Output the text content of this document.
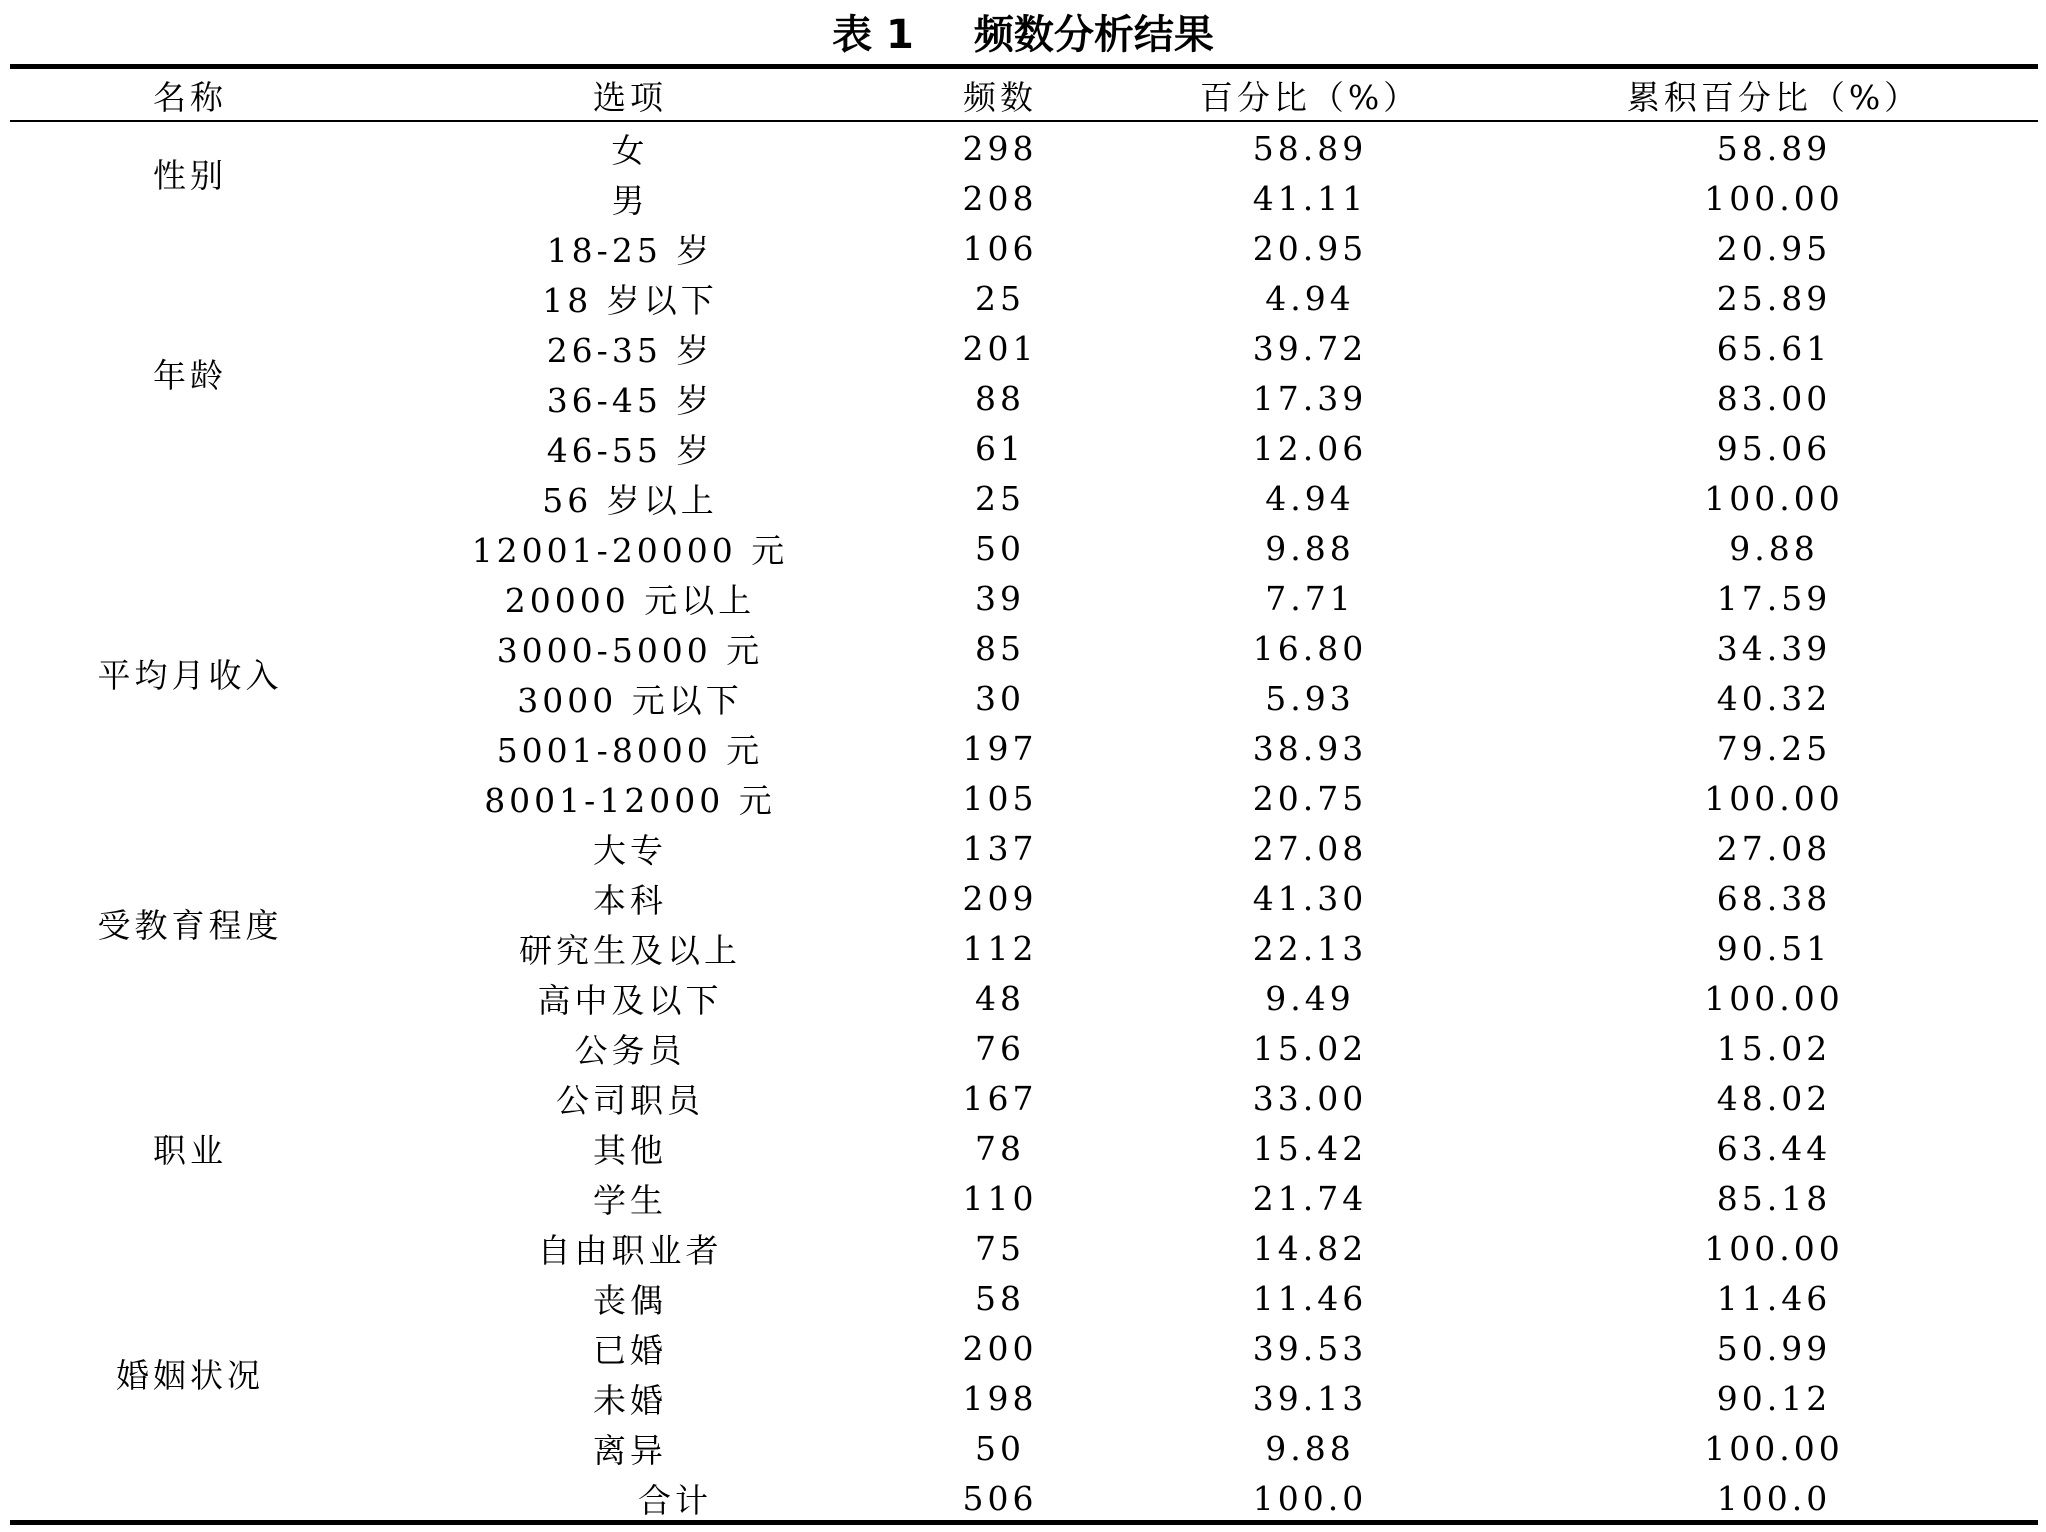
表 1 频数分析结果
名称	选项	频数	百分比（%）	累积百分比（%）
性别	女	298	58.89	58.89
	男	208	41.11	100.00
年龄	18-25 岁	106	20.95	20.95
	18 岁以下	25	4.94	25.89
	26-35 岁	201	39.72	65.61
	36-45 岁	88	17.39	83.00
	46-55 岁	61	12.06	95.06
	56 岁以上	25	4.94	100.00
平均月收入	12001-20000 元	50	9.88	9.88
	20000 元以上	39	7.71	17.59
	3000-5000 元	85	16.80	34.39
	3000 元以下	30	5.93	40.32
	5001-8000 元	197	38.93	79.25
	8001-12000 元	105	20.75	100.00
受教育程度	大专	137	27.08	27.08
	本科	209	41.30	68.38
	研究生及以上	112	22.13	90.51
	高中及以下	48	9.49	100.00
职业	公务员	76	15.02	15.02
	公司职员	167	33.00	48.02
	其他	78	15.42	63.44
	学生	110	21.74	85.18
	自由职业者	75	14.82	100.00
婚姻状况	丧偶	58	11.46	11.46
	已婚	200	39.53	50.99
	未婚	198	39.13	90.12
	离异	50	9.88	100.00
合计		506	100.0	100.0
